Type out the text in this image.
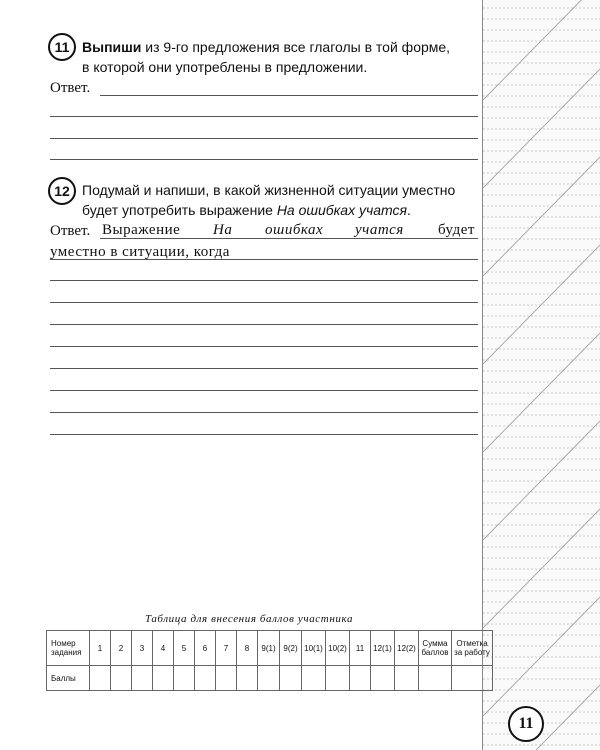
11 Выпиши из 9-го предложения все глаголы в той форме,
в которой они употреблены в предложении.
Ответ.
12 Подумай и напиши, в какой жизненной ситуации уместно
будет употребить выражение На ошибках учатся.
Ответ. Выражение На ошибках учатся будет
уместно в ситуации, когда
Таблица для внесения баллов участника
Номер задания	1	2	3	4	5	6	7	8	9(1)	9(2)	10(1)	10(2)	11	12(1)	12(2)	Сумма баллов	Отметка за работу
Баллы																	
11
